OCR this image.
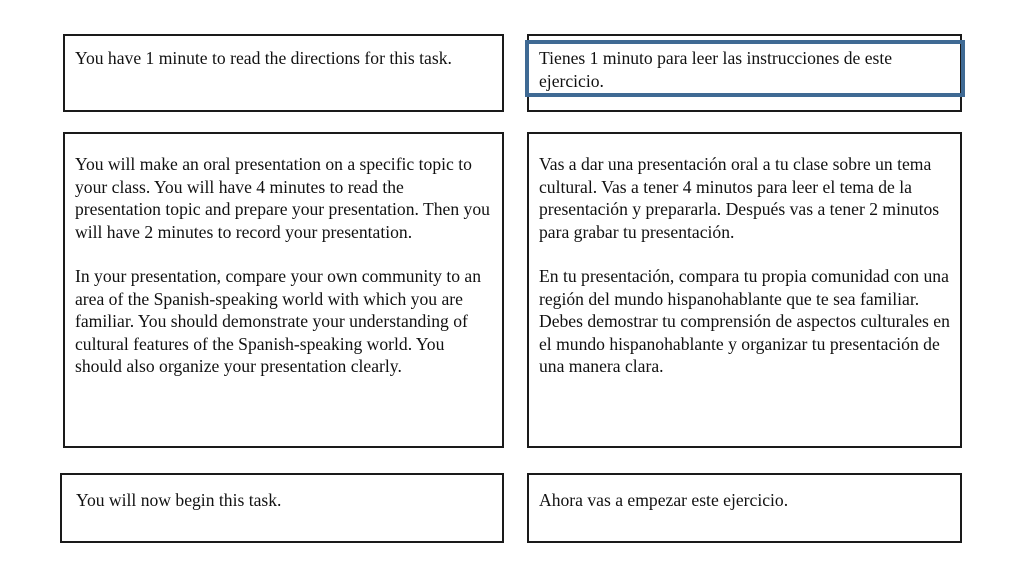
You have 1 minute to read the directions for this task.

You will make an oral presentation on a specific topic to your class. You will have 4 minutes to read the presentation topic and prepare your presentation. Then you will have 2 minutes to record your presentation.

In your presentation, compare your own community to an area of the Spanish-speaking world with which you are familiar. You should demonstrate your understanding of cultural features of the Spanish-speaking world. You should also organize your presentation clearly.

You will now begin this task.

Tienes 1 minuto para leer las instrucciones de este ejercicio.

Vas a dar una presentación oral a tu clase sobre un tema cultural. Vas a tener 4 minutos para leer el tema de la presentación y prepararla. Después vas a tener 2 minutos para grabar tu presentación.

En tu presentación, compara tu propia comunidad con una región del mundo hispanohablante que te sea familiar. Debes demostrar tu comprensión de aspectos culturales en el mundo hispanohablante y organizar tu presentación de una manera clara.

Ahora vas a empezar este ejercicio.
